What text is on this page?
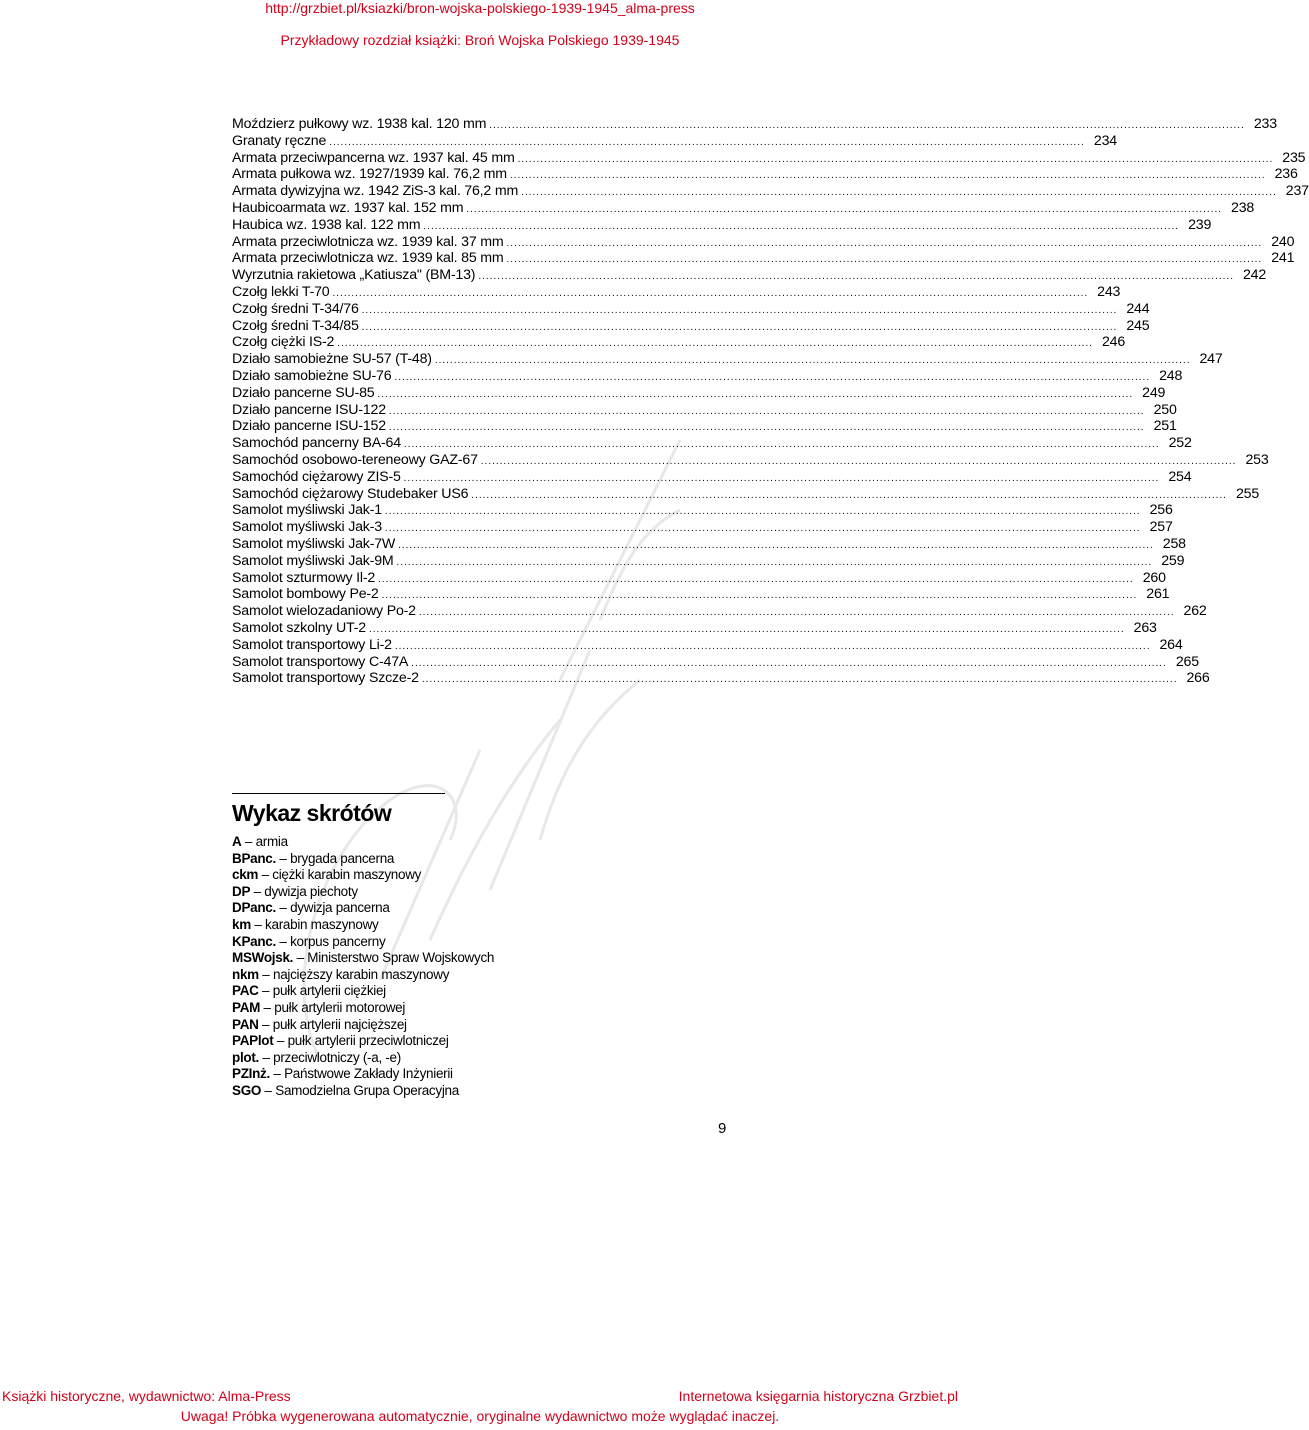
http://grzbiet.pl/ksiazki/bron-wojska-polskiego-1939-1945_alma-press
Przykładowy rozdział książki: Broń Wojska Polskiego 1939-1945
Moździerz pułkowy wz. 1938 kal. 120 mm ........................................................................................................................................................................................................ 233
Granaty ręczne ........................................................................................................................................................................................................ 234
Armata przeciwpancerna wz. 1937 kal. 45 mm ........................................................................................................................................................................................................ 235
Armata pułkowa wz. 1927/1939 kal. 76,2 mm ........................................................................................................................................................................................................ 236
Armata dywizyjna wz. 1942 ZiS-3 kal. 76,2 mm ........................................................................................................................................................................................................ 237
Haubicoarmata wz. 1937 kal. 152 mm ........................................................................................................................................................................................................ 238
Haubica wz. 1938 kal. 122 mm ........................................................................................................................................................................................................ 239
Armata przeciwlotnicza wz. 1939 kal. 37 mm ........................................................................................................................................................................................................ 240
Armata przeciwlotnicza wz. 1939 kal. 85 mm ........................................................................................................................................................................................................ 241
Wyrzutnia rakietowa „Katiusza" (BM-13) ........................................................................................................................................................................................................ 242
Czołg lekki T-70 ........................................................................................................................................................................................................ 243
Czołg średni T-34/76 ........................................................................................................................................................................................................ 244
Czołg średni T-34/85 ........................................................................................................................................................................................................ 245
Czołg ciężki IS-2 ........................................................................................................................................................................................................ 246
Działo samobieżne SU-57 (T-48) ........................................................................................................................................................................................................ 247
Działo samobieżne SU-76 ........................................................................................................................................................................................................ 248
Działo pancerne SU-85 ........................................................................................................................................................................................................ 249
Działo pancerne ISU-122 ........................................................................................................................................................................................................ 250
Działo pancerne ISU-152 ........................................................................................................................................................................................................ 251
Samochód pancerny BA-64 ........................................................................................................................................................................................................ 252
Samochód osobowo-tereneowy GAZ-67 ........................................................................................................................................................................................................ 253
Samochód ciężarowy ZIS-5 ........................................................................................................................................................................................................ 254
Samochód ciężarowy Studebaker US6 ........................................................................................................................................................................................................ 255
Samolot myśliwski Jak-1 ........................................................................................................................................................................................................ 256
Samolot myśliwski Jak-3 ........................................................................................................................................................................................................ 257
Samolot myśliwski Jak-7W ........................................................................................................................................................................................................ 258
Samolot myśliwski Jak-9M ........................................................................................................................................................................................................ 259
Samolot szturmowy Il-2 ........................................................................................................................................................................................................ 260
Samolot bombowy Pe-2 ........................................................................................................................................................................................................ 261
Samolot wielozadaniowy Po-2 ........................................................................................................................................................................................................ 262
Samolot szkolny UT-2 ........................................................................................................................................................................................................ 263
Samolot transportowy Li-2 ........................................................................................................................................................................................................ 264
Samolot transportowy C-47A ........................................................................................................................................................................................................ 265
Samolot transportowy Szcze-2 ........................................................................................................................................................................................................ 266
Wykaz skrótów
A – armia
BPanc. – brygada pancerna
ckm – ciężki karabin maszynowy
DP – dywizja piechoty
DPanc. – dywizja pancerna
km – karabin maszynowy
KPanc. – korpus pancerny
MSWojsk. – Ministerstwo Spraw Wojskowych
nkm – najcięższy karabin maszynowy
PAC – pułk artylerii ciężkiej
PAM – pułk artylerii motorowej
PAN – pułk artylerii najcięższej
PAPlot – pułk artylerii przeciwlotniczej
plot. – przeciwlotniczy (-a, -e)
PZInż. – Państwowe Zakłady Inżynierii
SGO – Samodzielna Grupa Operacyjna
9
Książki historyczne, wydawnictwo: Alma-Press	Internetowa księgarnia historyczna Grzbiet.pl
Uwaga! Próbka wygenerowana automatycznie, oryginalne wydawnictwo może wyglądać inaczej.
